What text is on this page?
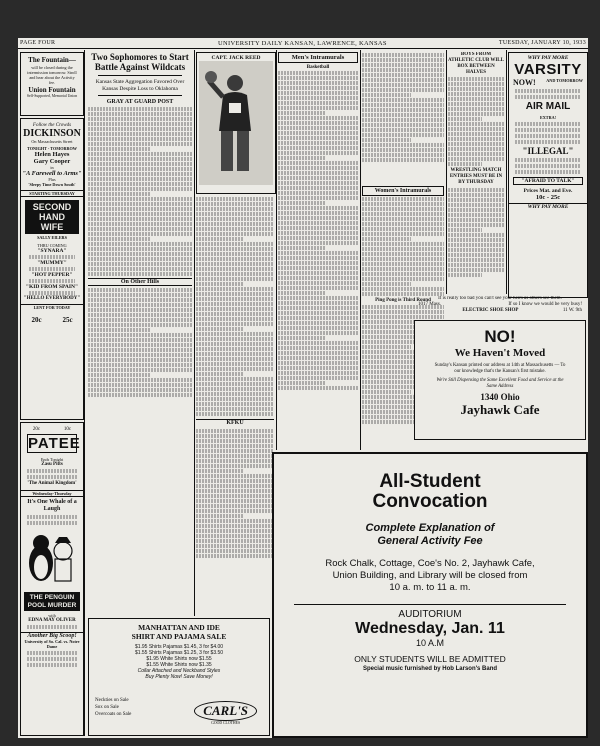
PAGE FOUR	UNIVERSITY DAILY KANSAN, LAWRENCE, KANSAS	TUESDAY, JANUARY 10, 1933
The Fountain—
will be closed during the intermission tomorrow. Stroll and hear about the Activity fee.
Union Fountain
Self-Supported, Memorial Union
Follow the Crowds
DICKINSON
On Massachusetts Street
TONIGHT - TOMORROW
Helen Hayes
Gary Cooper
in
"A Farewell to Arms"
Plus
'Sleepy Time Down South'
STARTING THURSDAY
SECOND
HAND
WIFE
SALLY EILERS
THRU COMING
"SYNARA"
"MUMMY"
"HOT PEPPER"
"KID FROM SPAIN"
"HELLO EVERYBODY"
LENT FOR TODAY
20c	25c
20c	10c
PATEE
Ends Tonight
Zasu Pitts
'The Animal Kingdom'
Wednesday-Thursday
It's One Whale of a Laugh
THE PENGUIN POOL MURDER
with
EDNA MAY OLIVER
Another Big Scoop!
University of So. Cal. vs. Notre Dame
Two Sophomores to Start Battle Against Wildcats
Kansas State Aggregation Favored Over Kansas Despite Loss to Oklahoma
GRAY AT GUARD POST
On Other Hills
MANHATTAN AND IDE
SHIRT AND PAJAMA SALE
$1.95 Shirts Pajamas $1.45, 3 for $4.00
$1.55 Shirts Pajamas $1.25, 3 for $3.50
$1.95 White Shirts now $1.55
$1.55 White Shirts now $1.35
Collar Attached and Neckband Styles
Buy Plenty Now! Save Money!
Neckties on Sale
Sox on Sale
Overcoats on Sale	CARL'S
GOOD CLOTHES
CAPT. JACK REED
KFKU
Men's Intramurals
Basketball
Women's Intramurals
Ping Pong is Third Round
BOYS FROM ATHLETIC CLUB WILL BOX BETWEEN HALVES
WRESTLING MATCH ENTRIES MUST BE IN BY THURSDAY
WHY PAY MORE
VARSITY
NOW!	AND TOMORROW
AIR MAIL
EXTRA!
"ILLEGAL"
"AFRAID TO TALK"
Prices Mat. and Eve.
10c - 25c
WHY PAY MORE
It is really too bad you can't see your heirs as others see them.
1017 Mass.	If so I know we would be very busy!
ELECTRIC SHOE SHOP	11 W. 9th
NO!
We Haven't Moved
Sunday's Kansan printed our address at 14th at Massachusetts — To our knowledge that's the Kansan's first mistake.
We're Still Dispensing the Same Excellent Food and Service at the Same Address
1340 Ohio
Jayhawk Cafe
All-Student
Convocation
Complete Explanation of
General Activity Fee
Rock Chalk, Cottage, Coe's No. 2, Jayhawk Cafe,
Union Building, and Library will be closed from
10 a. m. to 11 a. m.
AUDITORIUM
Wednesday, Jan. 11
10 A.M
ONLY STUDENTS WILL BE ADMITTED
Special music furnished by Hob Larson's Band
